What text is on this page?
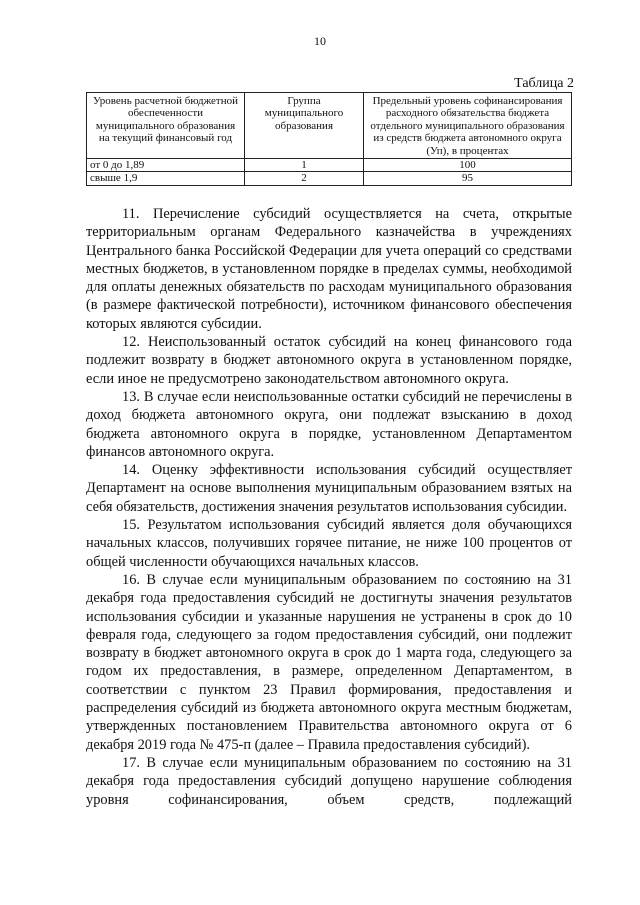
10
Таблица 2
Уровень расчетной бюджетной обеспеченности муниципального образования на текущий финансовый год	Группа муниципального образования	Предельный уровень софинансирования расходного обязательства бюджета отдельного муниципального образования из средств бюджета автономного округа (Уп), в процентах
от 0 до 1,89	1	100
свыше 1,9	2	95

11. Перечисление субсидий осуществляется на счета, открытые территориальным органам Федерального казначейства в учреждениях Центрального банка Российской Федерации для учета операций со средствами местных бюджетов, в установленном порядке в пределах суммы, необходимой для оплаты денежных обязательств по расходам муниципального образования (в размере фактической потребности), источником финансового обеспечения которых являются субсидии.

12. Неиспользованный остаток субсидий на конец финансового года подлежит возврату в бюджет автономного округа в установленном порядке, если иное не предусмотрено законодательством автономного округа.

13. В случае если неиспользованные остатки субсидий не перечислены в доход бюджета автономного округа, они подлежат взысканию в доход бюджета автономного округа в порядке, установленном Департаментом финансов автономного округа.

14. Оценку эффективности использования субсидий осуществляет Департамент на основе выполнения муниципальным образованием взятых на себя обязательств, достижения значения результатов использования субсидии.

15. Результатом использования субсидий является доля обучающихся начальных классов, получивших горячее питание, не ниже 100 процентов от общей численности обучающихся начальных классов.

16. В случае если муниципальным образованием по состоянию на 31 декабря года предоставления субсидий не достигнуты значения результатов использования субсидии и указанные нарушения не устранены в срок до 10 февраля года, следующего за годом предоставления субсидий, они подлежит возврату в бюджет автономного округа в срок до 1 марта года, следующего за годом их предоставления, в размере, определенном Департаментом, в соответствии с пунктом 23 Правил формирования, предоставления и распределения субсидий из бюджета автономного округа местным бюджетам, утвержденных постановлением Правительства автономного округа от 6 декабря 2019 года № 475-п (далее – Правила предоставления субсидий).

17. В случае если муниципальным образованием по состоянию на 31 декабря года предоставления субсидий допущено нарушение соблюдения уровня софинансирования, объем средств, подлежащий
